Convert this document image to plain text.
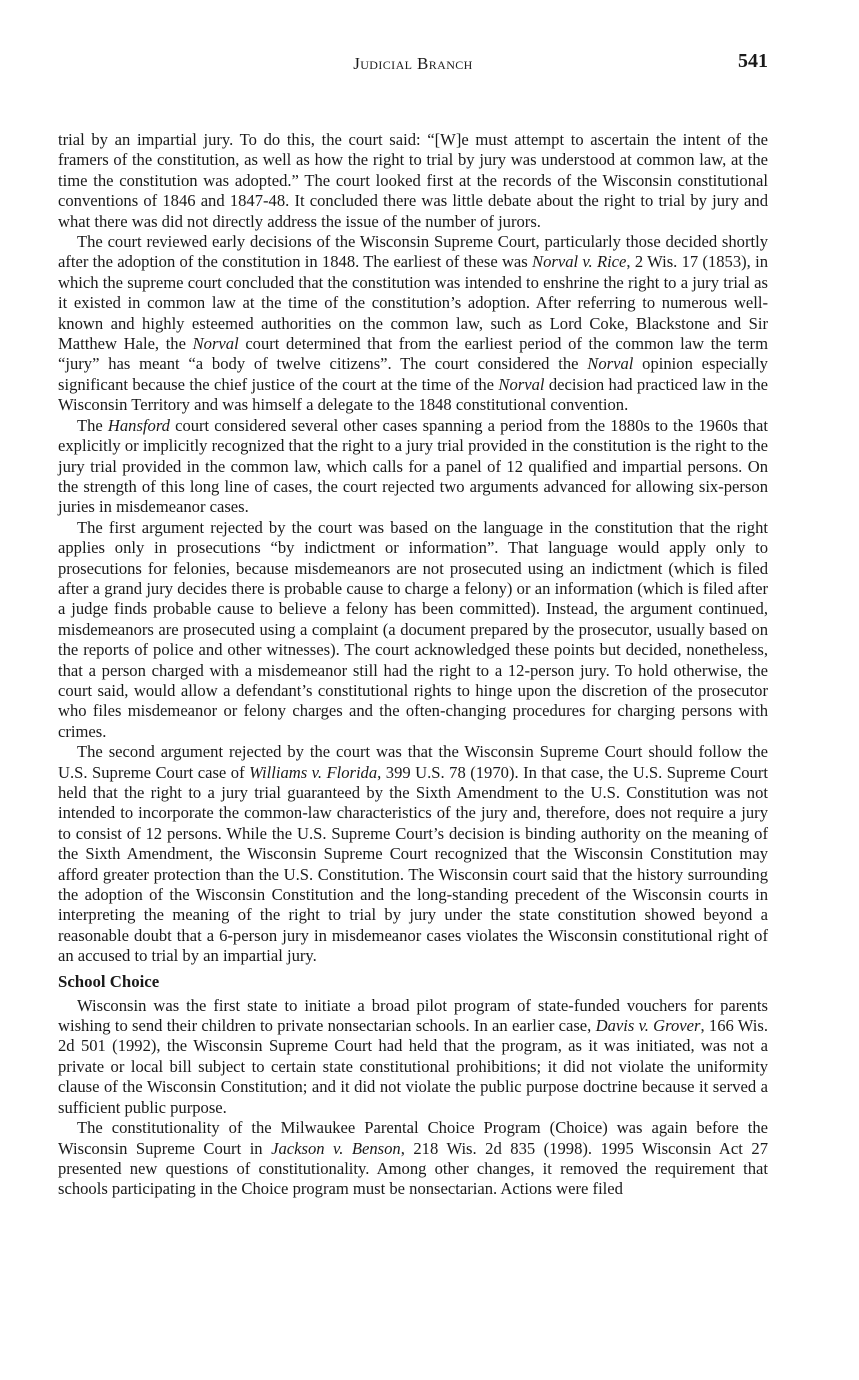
Judicial Branch	541

trial by an impartial jury. To do this, the court said: “[W]e must attempt to ascertain the intent of the framers of the constitution, as well as how the right to trial by jury was understood at common law, at the time the constitution was adopted.” The court looked first at the records of the Wisconsin constitutional conventions of 1846 and 1847-48. It concluded there was little debate about the right to trial by jury and what there was did not directly address the issue of the number of jurors.

The court reviewed early decisions of the Wisconsin Supreme Court, particularly those decided shortly after the adoption of the constitution in 1848. The earliest of these was Norval v. Rice, 2 Wis. 17 (1853), in which the supreme court concluded that the constitution was intended to enshrine the right to a jury trial as it existed in common law at the time of the constitution’s adoption. After referring to numerous well-known and highly esteemed authorities on the common law, such as Lord Coke, Blackstone and Sir Matthew Hale, the Norval court determined that from the earliest period of the common law the term “jury” has meant “a body of twelve citizens”. The court considered the Norval opinion especially significant because the chief justice of the court at the time of the Norval decision had practiced law in the Wisconsin Territory and was himself a delegate to the 1848 constitutional convention.

The Hansford court considered several other cases spanning a period from the 1880s to the 1960s that explicitly or implicitly recognized that the right to a jury trial provided in the constitution is the right to the jury trial provided in the common law, which calls for a panel of 12 qualified and impartial persons. On the strength of this long line of cases, the court rejected two arguments advanced for allowing six-person juries in misdemeanor cases.

The first argument rejected by the court was based on the language in the constitution that the right applies only in prosecutions “by indictment or information”. That language would apply only to prosecutions for felonies, because misdemeanors are not prosecuted using an indictment (which is filed after a grand jury decides there is probable cause to charge a felony) or an information (which is filed after a judge finds probable cause to believe a felony has been committed). Instead, the argument continued, misdemeanors are prosecuted using a complaint (a document prepared by the prosecutor, usually based on the reports of police and other witnesses). The court acknowledged these points but decided, nonetheless, that a person charged with a misdemeanor still had the right to a 12-person jury. To hold otherwise, the court said, would allow a defendant’s constitutional rights to hinge upon the discretion of the prosecutor who files misdemeanor or felony charges and the often-changing procedures for charging persons with crimes.

The second argument rejected by the court was that the Wisconsin Supreme Court should follow the U.S. Supreme Court case of Williams v. Florida, 399 U.S. 78 (1970). In that case, the U.S. Supreme Court held that the right to a jury trial guaranteed by the Sixth Amendment to the U.S. Constitution was not intended to incorporate the common-law characteristics of the jury and, therefore, does not require a jury to consist of 12 persons. While the U.S. Supreme Court’s decision is binding authority on the meaning of the Sixth Amendment, the Wisconsin Supreme Court recognized that the Wisconsin Constitution may afford greater protection than the U.S. Constitution. The Wisconsin court said that the history surrounding the adoption of the Wisconsin Constitution and the long-standing precedent of the Wisconsin courts in interpreting the meaning of the right to trial by jury under the state constitution showed beyond a reasonable doubt that a 6-person jury in misdemeanor cases violates the Wisconsin constitutional right of an accused to trial by an impartial jury.

School Choice

Wisconsin was the first state to initiate a broad pilot program of state-funded vouchers for parents wishing to send their children to private nonsectarian schools. In an earlier case, Davis v. Grover, 166 Wis. 2d 501 (1992), the Wisconsin Supreme Court had held that the program, as it was initiated, was not a private or local bill subject to certain state constitutional prohibitions; it did not violate the uniformity clause of the Wisconsin Constitution; and it did not violate the public purpose doctrine because it served a sufficient public purpose.

The constitutionality of the Milwaukee Parental Choice Program (Choice) was again before the Wisconsin Supreme Court in Jackson v. Benson, 218 Wis. 2d 835 (1998). 1995 Wisconsin Act 27 presented new questions of constitutionality. Among other changes, it removed the requirement that schools participating in the Choice program must be nonsectarian. Actions were filed
